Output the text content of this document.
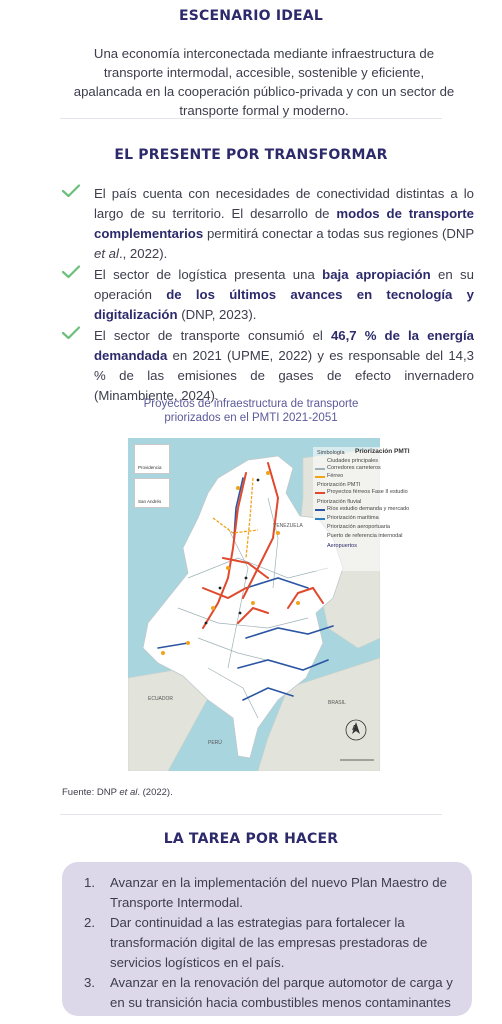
ESCENARIO IDEAL
Una economía interconectada mediante infraestructura de transporte intermodal, accesible, sostenible y eficiente, apalancada en la cooperación público-privada y con un sector de transporte formal y moderno.
EL PRESENTE POR TRANSFORMAR
El país cuenta con necesidades de conectividad distintas a lo largo de su territorio. El desarrollo de modos de transporte complementarios permitirá conectar a todas sus regiones (DNP et al., 2022).
El sector de logística presenta una baja apropiación en su operación de los últimos avances en tecnología y digitalización (DNP, 2023).
El sector de transporte consumió el 46,7 % de la energía demandada en 2021 (UPME, 2022) y es responsable del 14,3 % de las emisiones de gases de efecto invernadero (Minambiente, 2024).
Proyectos de infraestructura de transporte
priorizados en el PMTI 2021-2051
Providencia
San Andrés
VENEZUELA
BRASIL
ECUADOR
PERÚ
A
Simbología Priorización PMTI
Ciudades principales
Corredores carreteros
Férreo
Priorización PMTI
Proyectos férreos Fase II estudio
Priorización fluvial
Ríos estudio demanda y mercado
Priorización marítima
Priorización aeroportuaria
Puerto de referencia internodal
Aeropuertos
Fuente: DNP et al. (2022).
LA TAREA POR HACER
1. Avanzar en la implementación del nuevo Plan Maestro de Transporte Intermodal.
2. Dar continuidad a las estrategias para fortalecer la transformación digital de las empresas prestadoras de servicios logísticos en el país.
3. Avanzar en la renovación del parque automotor de carga y en su transición hacia combustibles menos contaminantes
